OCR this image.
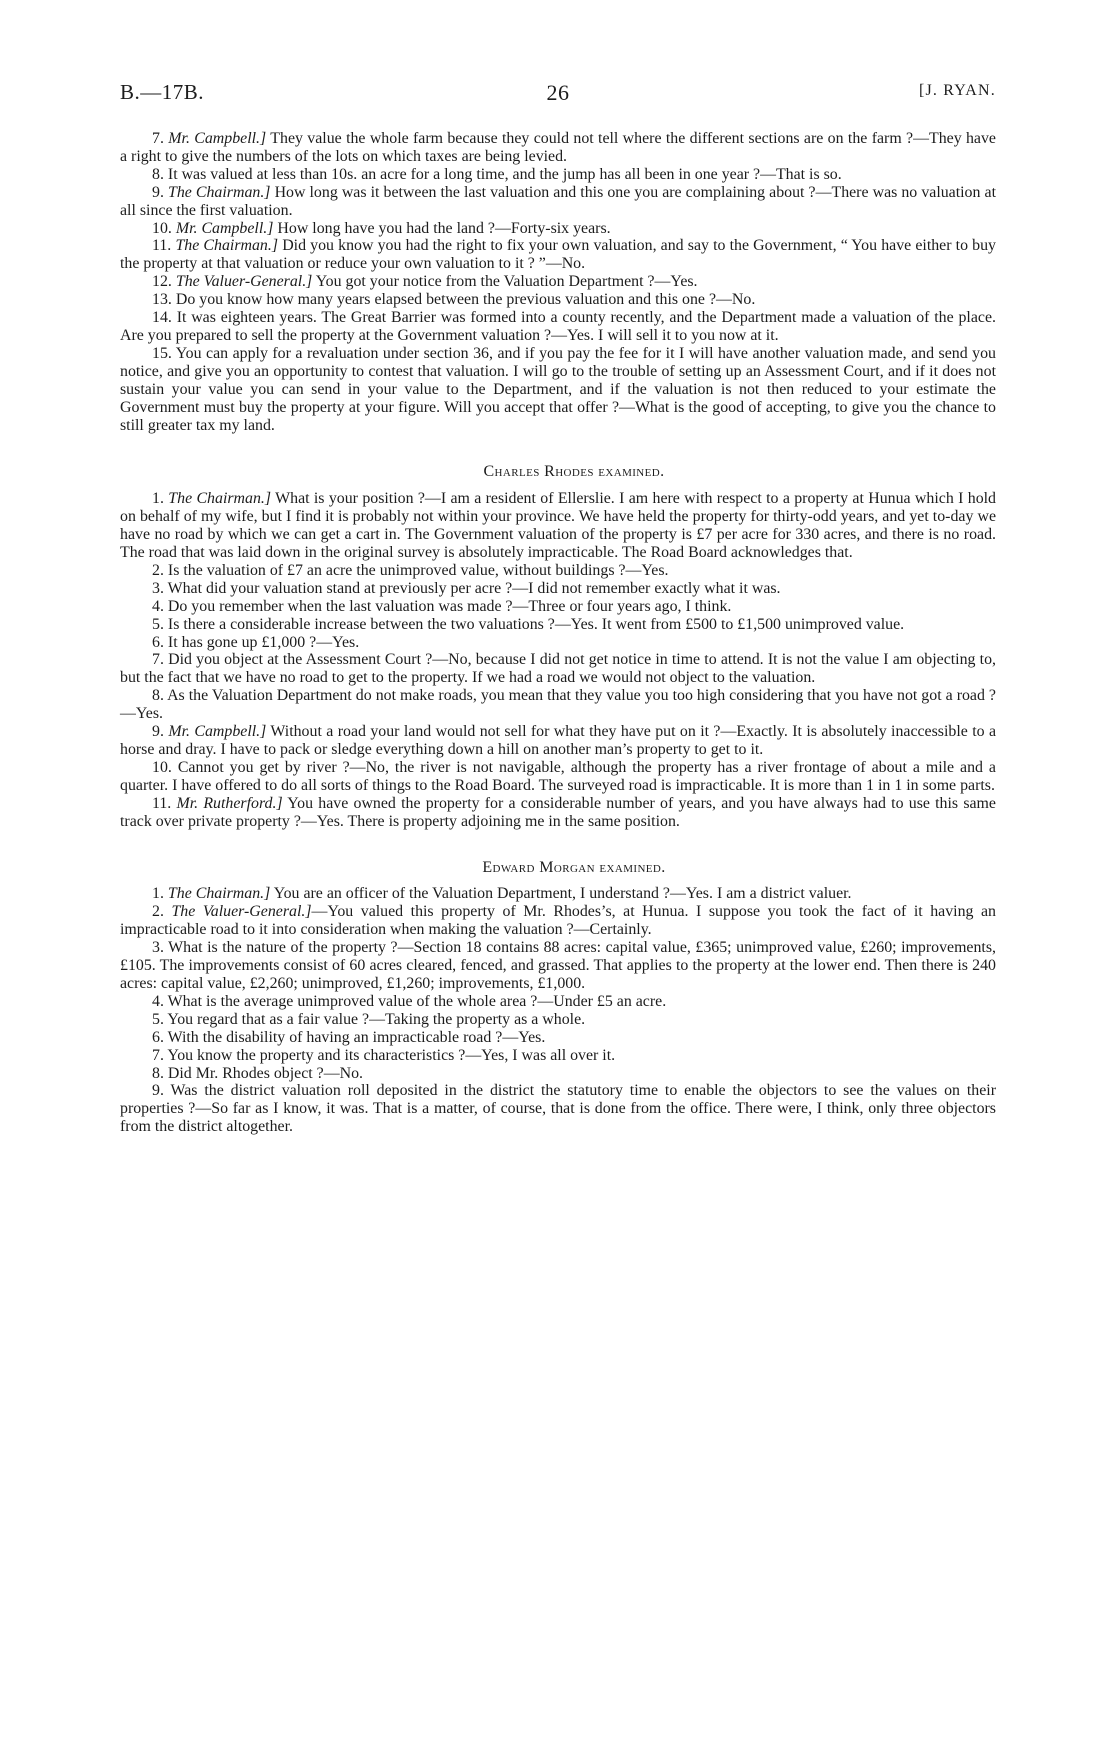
B.—17B.	26	[J. RYAN.

7. Mr. Campbell.] They value the whole farm because they could not tell where the different sections are on the farm ?—They have a right to give the numbers of the lots on which taxes are being levied.

8. It was valued at less than 10s. an acre for a long time, and the jump has all been in one year ?—That is so.

9. The Chairman.] How long was it between the last valuation and this one you are complaining about ?—There was no valuation at all since the first valuation.

10. Mr. Campbell.] How long have you had the land ?—Forty-six years.

11. The Chairman.] Did you know you had the right to fix your own valuation, and say to the Government, “ You have either to buy the property at that valuation or reduce your own valuation to it ? ”—No.

12. The Valuer-General.] You got your notice from the Valuation Department ?—Yes.

13. Do you know how many years elapsed between the previous valuation and this one ?—No.

14. It was eighteen years. The Great Barrier was formed into a county recently, and the Department made a valuation of the place. Are you prepared to sell the property at the Government valuation ?—Yes. I will sell it to you now at it.

15. You can apply for a revaluation under section 36, and if you pay the fee for it I will have another valuation made, and send you notice, and give you an opportunity to contest that valuation. I will go to the trouble of setting up an Assessment Court, and if it does not sustain your value you can send in your value to the Department, and if the valuation is not then reduced to your estimate the Government must buy the property at your figure. Will you accept that offer ?—What is the good of accepting, to give you the chance to still greater tax my land.

Charles Rhodes examined.

1. The Chairman.] What is your position ?—I am a resident of Ellerslie. I am here with respect to a property at Hunua which I hold on behalf of my wife, but I find it is probably not within your province. We have held the property for thirty-odd years, and yet to-day we have no road by which we can get a cart in. The Government valuation of the property is £7 per acre for 330 acres, and there is no road. The road that was laid down in the original survey is absolutely impracticable. The Road Board acknowledges that.

2. Is the valuation of £7 an acre the unimproved value, without buildings ?—Yes.

3. What did your valuation stand at previously per acre ?—I did not remember exactly what it was.

4. Do you remember when the last valuation was made ?—Three or four years ago, I think.

5. Is there a considerable increase between the two valuations ?—Yes. It went from £500 to £1,500 unimproved value.

6. It has gone up £1,000 ?—Yes.

7. Did you object at the Assessment Court ?—No, because I did not get notice in time to attend. It is not the value I am objecting to, but the fact that we have no road to get to the property. If we had a road we would not object to the valuation.

8. As the Valuation Department do not make roads, you mean that they value you too high considering that you have not got a road ?—Yes.

9. Mr. Campbell.] Without a road your land would not sell for what they have put on it ?—Exactly. It is absolutely inaccessible to a horse and dray. I have to pack or sledge everything down a hill on another man’s property to get to it.

10. Cannot you get by river ?—No, the river is not navigable, although the property has a river frontage of about a mile and a quarter. I have offered to do all sorts of things to the Road Board. The surveyed road is impracticable. It is more than 1 in 1 in some parts.

11. Mr. Rutherford.] You have owned the property for a considerable number of years, and you have always had to use this same track over private property ?—Yes. There is property adjoining me in the same position.

Edward Morgan examined.

1. The Chairman.] You are an officer of the Valuation Department, I understand ?—Yes. I am a district valuer.

2. The Valuer-General.]—You valued this property of Mr. Rhodes’s, at Hunua. I suppose you took the fact of it having an impracticable road to it into consideration when making the valuation ?—Certainly.

3. What is the nature of the property ?—Section 18 contains 88 acres: capital value, £365; unimproved value, £260; improvements, £105. The improvements consist of 60 acres cleared, fenced, and grassed. That applies to the property at the lower end. Then there is 240 acres: capital value, £2,260; unimproved, £1,260; improvements, £1,000.

4. What is the average unimproved value of the whole area ?—Under £5 an acre.

5. You regard that as a fair value ?—Taking the property as a whole.

6. With the disability of having an impracticable road ?—Yes.

7. You know the property and its characteristics ?—Yes, I was all over it.

8. Did Mr. Rhodes object ?—No.

9. Was the district valuation roll deposited in the district the statutory time to enable the objectors to see the values on their properties ?—So far as I know, it was. That is a matter, of course, that is done from the office. There were, I think, only three objectors from the district altogether.
